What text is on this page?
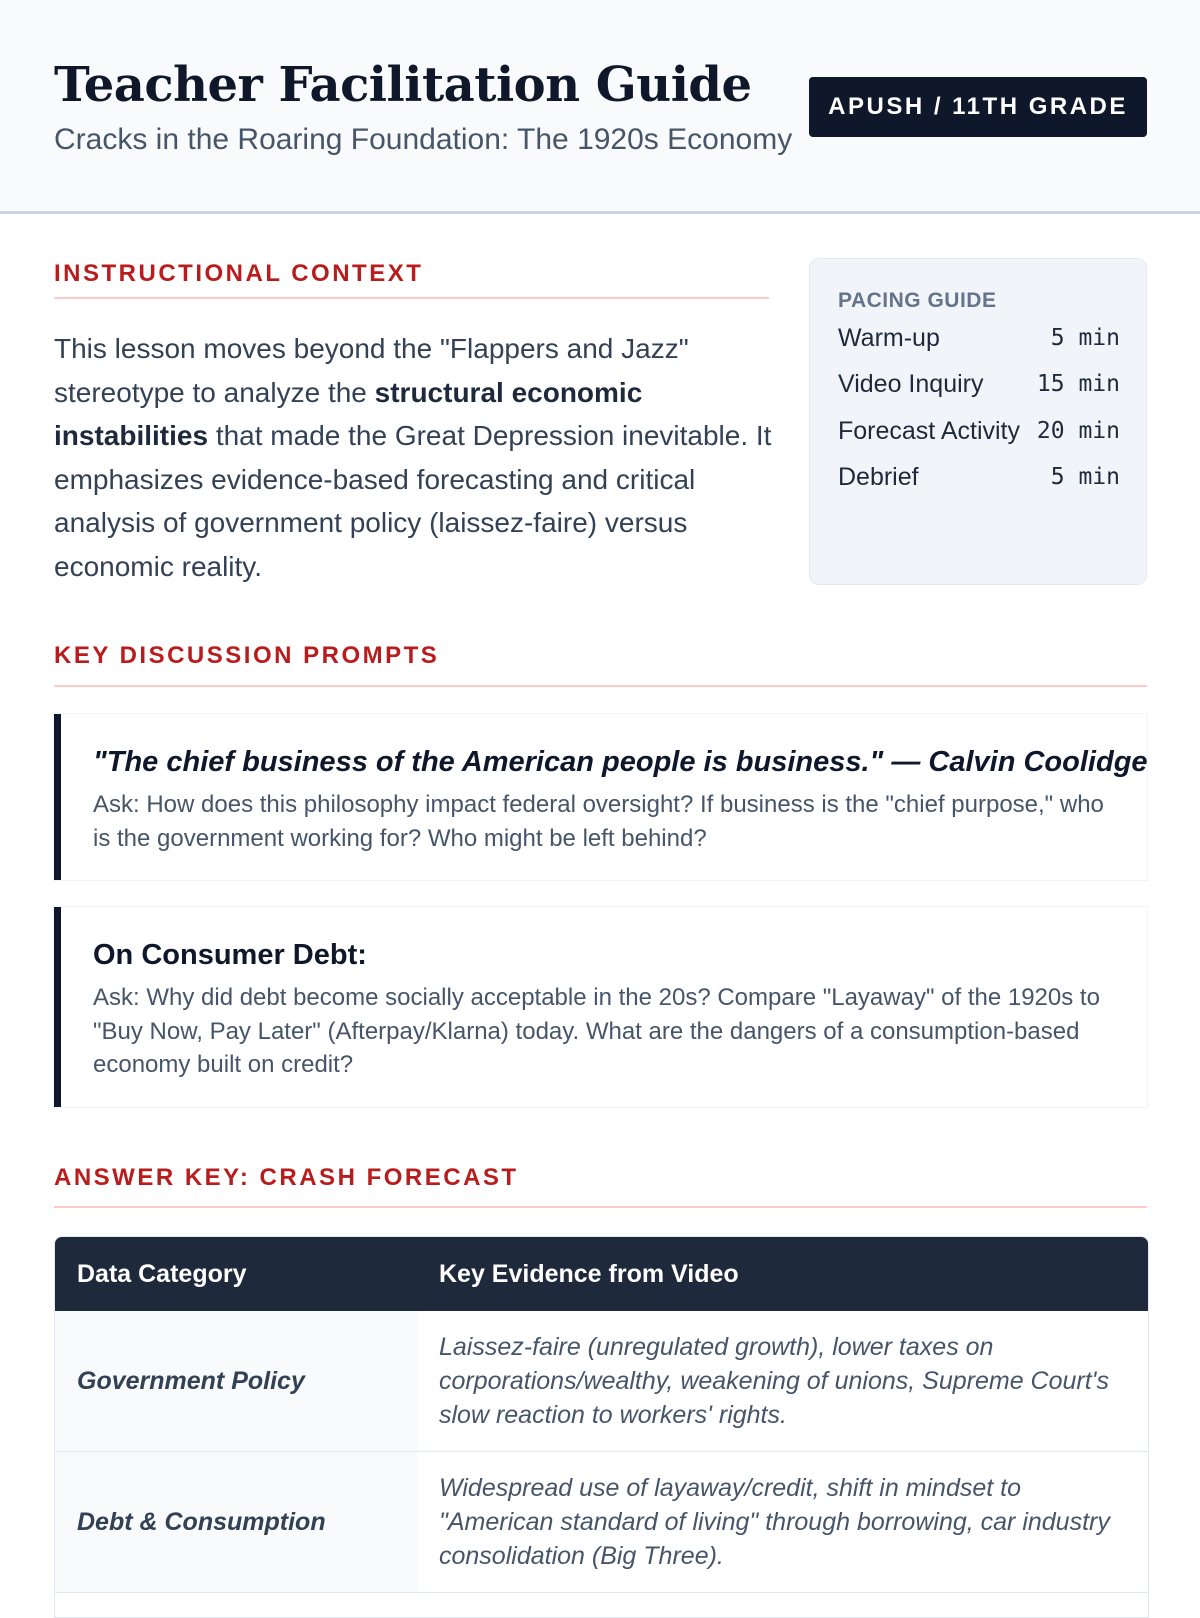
Teacher Facilitation Guide
Cracks in the Roaring Foundation: The 1920s Economy
APUSH / 11TH GRADE
INSTRUCTIONAL CONTEXT

This lesson moves beyond the "Flappers and Jazz" stereotype to analyze the structural economic instabilities that made the Great Depression inevitable. It emphasizes evidence-based forecasting and critical analysis of government policy (laissez-faire) versus economic reality.

PACING GUIDE
Warm-up	5 min
Video Inquiry 15 min
Forecast Activity 20 min
Debrief	5 min
KEY DISCUSSION PROMPTS

"The chief business of the American people is business." — Calvin Coolidge

Ask: How does this philosophy impact federal oversight? If business is the "chief purpose," who is the government working for? Who might be left behind?

On Consumer Debt:

Ask: Why did debt become socially acceptable in the 20s? Compare "Layaway" of the 1920s to "Buy Now, Pay Later" (Afterpay/Klarna) today. What are the dangers of a consumption-based economy built on credit?

ANSWER KEY: CRASH FORECAST
Data Category	Key Evidence from Video
Government Policy	Laissez-faire (unregulated growth), lower taxes on corporations/wealthy, weakening of unions, Supreme Court's slow reaction to workers' rights.
Debt & Consumption	Widespread use of layaway/credit, shift in mindset to "American standard of living" through borrowing, car industry consolidation (Big Three).
